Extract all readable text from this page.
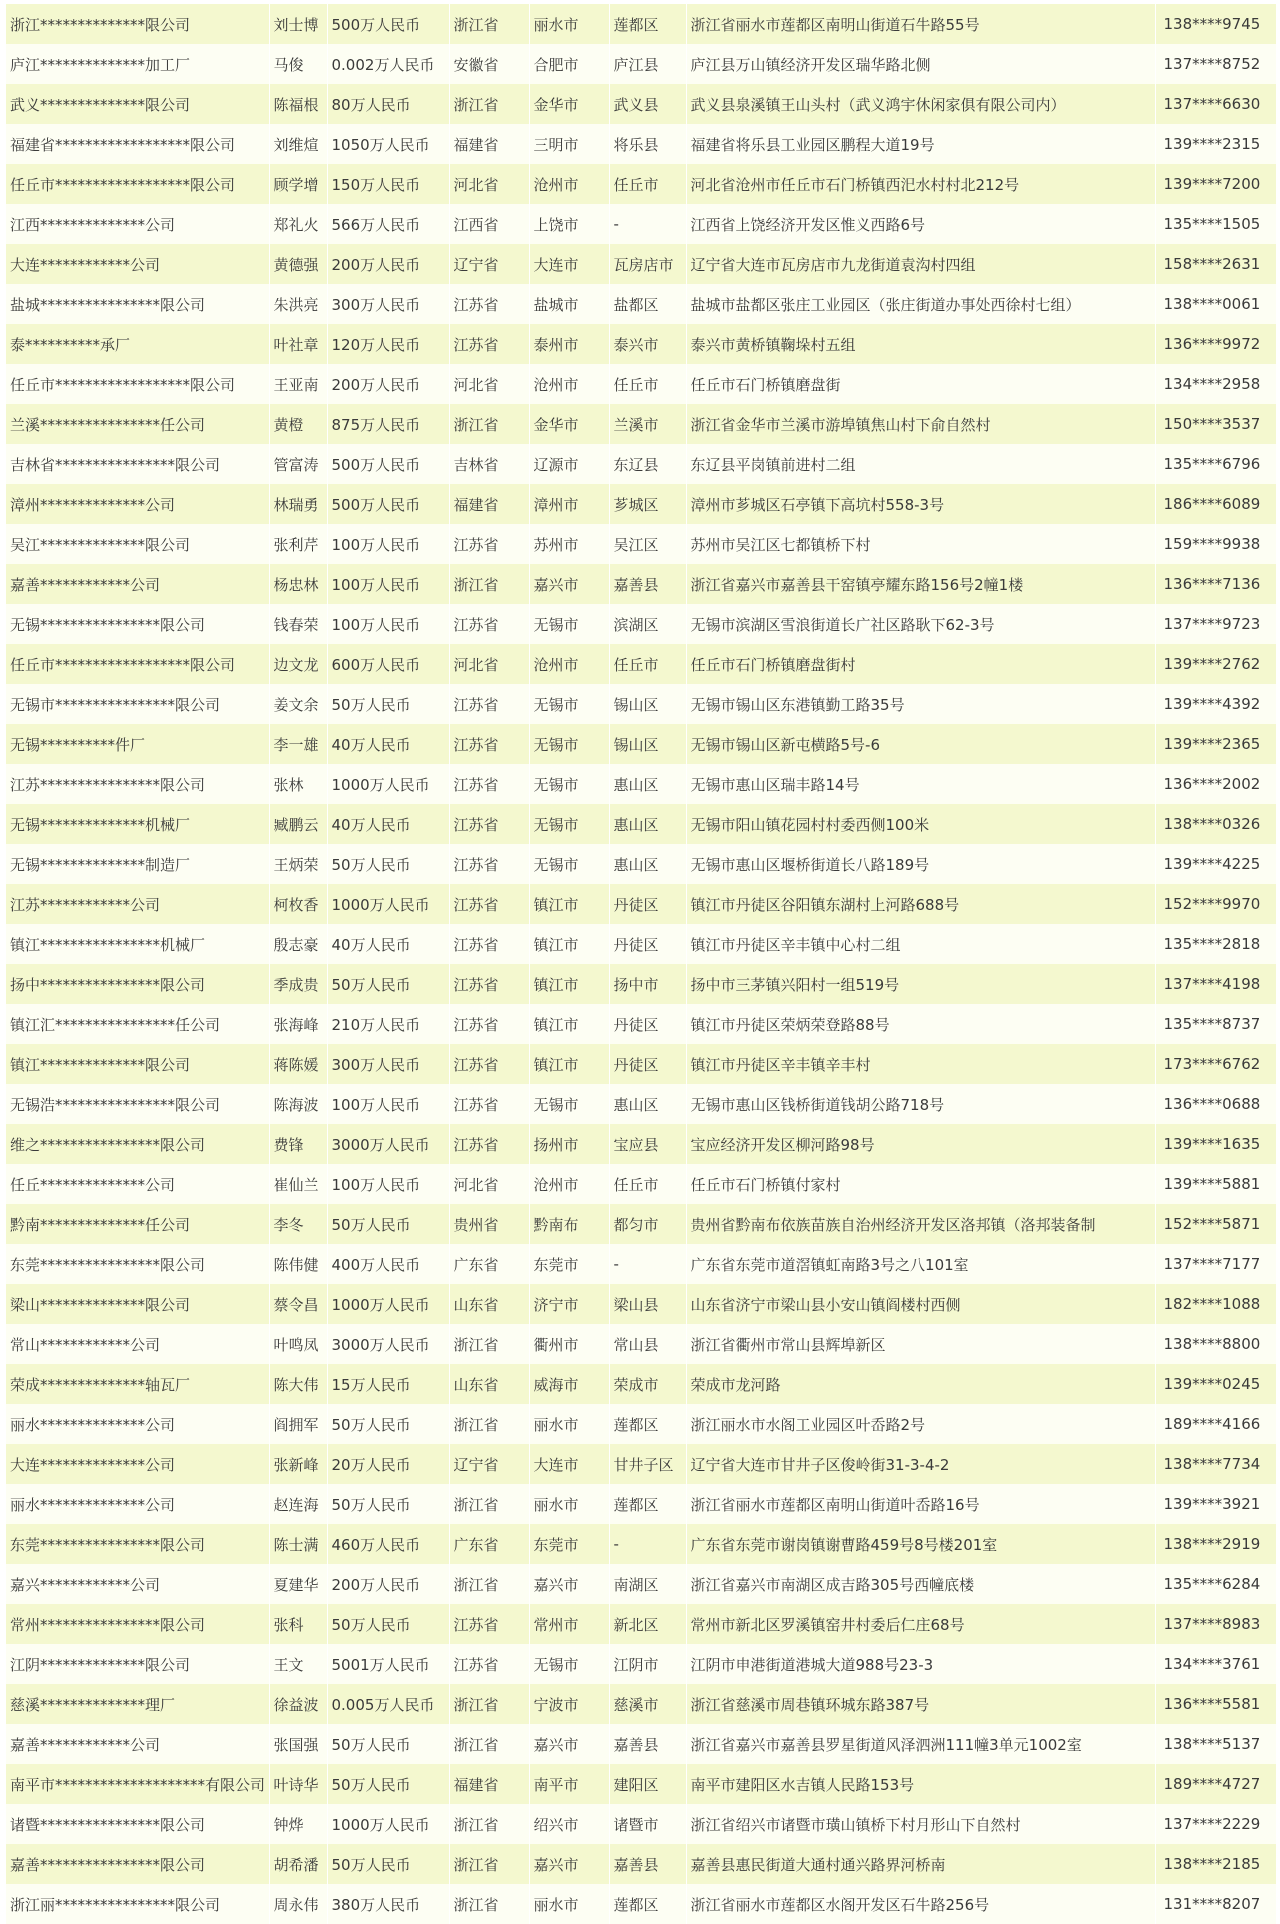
浙江**************限公司	刘士博	500万人民币	浙江省	丽水市	莲都区	浙江省丽水市莲都区南明山街道石牛路55号	138****9745
庐江**************加工厂	马俊	0.002万人民币	安徽省	合肥市	庐江县	庐江县万山镇经济开发区瑞华路北侧	137****8752
武义**************限公司	陈福根	80万人民币	浙江省	金华市	武义县	武义县泉溪镇王山头村（武义鸿宇休闲家俱有限公司内）	137****6630
福建省******************限公司	刘维煊	1050万人民币	福建省	三明市	将乐县	福建省将乐县工业园区鹏程大道19号	139****2315
任丘市******************限公司	顾学增	150万人民币	河北省	沧州市	任丘市	河北省沧州市任丘市石门桥镇西汜水村村北212号	139****7200
江西**************公司	郑礼火	566万人民币	江西省	上饶市	-	江西省上饶经济开发区惟义西路6号	135****1505
大连************公司	黄德强	200万人民币	辽宁省	大连市	瓦房店市	辽宁省大连市瓦房店市九龙街道袁沟村四组	158****2631
盐城****************限公司	朱洪亮	300万人民币	江苏省	盐城市	盐都区	盐城市盐都区张庄工业园区（张庄街道办事处西徐村七组）	138****0061
泰**********承厂	叶社章	120万人民币	江苏省	泰州市	泰兴市	泰兴市黄桥镇鞠垛村五组	136****9972
任丘市******************限公司	王亚南	200万人民币	河北省	沧州市	任丘市	任丘市石门桥镇磨盘街	134****2958
兰溪****************任公司	黄橙	875万人民币	浙江省	金华市	兰溪市	浙江省金华市兰溪市游埠镇焦山村下俞自然村	150****3537
吉林省****************限公司	管富涛	500万人民币	吉林省	辽源市	东辽县	东辽县平岗镇前进村二组	135****6796
漳州**************公司	林瑞勇	500万人民币	福建省	漳州市	芗城区	漳州市芗城区石亭镇下高坑村558-3号	186****6089
吴江**************限公司	张利芹	100万人民币	江苏省	苏州市	吴江区	苏州市吴江区七都镇桥下村	159****9938
嘉善************公司	杨忠林	100万人民币	浙江省	嘉兴市	嘉善县	浙江省嘉兴市嘉善县干窑镇亭耀东路156号2幢1楼	136****7136
无锡****************限公司	钱春荣	100万人民币	江苏省	无锡市	滨湖区	无锡市滨湖区雪浪街道长广社区路耿下62-3号	137****9723
任丘市******************限公司	边文龙	600万人民币	河北省	沧州市	任丘市	任丘市石门桥镇磨盘街村	139****2762
无锡市****************限公司	姜文余	50万人民币	江苏省	无锡市	锡山区	无锡市锡山区东港镇勤工路35号	139****4392
无锡**********件厂	李一雄	40万人民币	江苏省	无锡市	锡山区	无锡市锡山区新屯横路5号-6	139****2365
江苏****************限公司	张林	1000万人民币	江苏省	无锡市	惠山区	无锡市惠山区瑞丰路14号	136****2002
无锡**************机械厂	臧鹏云	40万人民币	江苏省	无锡市	惠山区	无锡市阳山镇花园村村委西侧100米	138****0326
无锡**************制造厂	王炳荣	50万人民币	江苏省	无锡市	惠山区	无锡市惠山区堰桥街道长八路189号	139****4225
江苏************公司	柯枚香	1000万人民币	江苏省	镇江市	丹徒区	镇江市丹徒区谷阳镇东湖村上河路688号	152****9970
镇江****************机械厂	殷志豪	40万人民币	江苏省	镇江市	丹徒区	镇江市丹徒区辛丰镇中心村二组	135****2818
扬中****************限公司	季成贵	50万人民币	江苏省	镇江市	扬中市	扬中市三茅镇兴阳村一组519号	137****4198
镇江汇****************任公司	张海峰	210万人民币	江苏省	镇江市	丹徒区	镇江市丹徒区荣炳荣登路88号	135****8737
镇江**************限公司	蒋陈媛	300万人民币	江苏省	镇江市	丹徒区	镇江市丹徒区辛丰镇辛丰村	173****6762
无锡浩****************限公司	陈海波	100万人民币	江苏省	无锡市	惠山区	无锡市惠山区钱桥街道钱胡公路718号	136****0688
维之****************限公司	费锋	3000万人民币	江苏省	扬州市	宝应县	宝应经济开发区柳河路98号	139****1635
任丘**************公司	崔仙兰	100万人民币	河北省	沧州市	任丘市	任丘市石门桥镇付家村	139****5881
黔南**************任公司	李冬	50万人民币	贵州省	黔南布	都匀市	贵州省黔南布依族苗族自治州经济开发区洛邦镇（洛邦装备制	152****5871
东莞****************限公司	陈伟健	400万人民币	广东省	东莞市	-	广东省东莞市道滘镇虹南路3号之八101室	137****7177
梁山**************限公司	蔡令昌	1000万人民币	山东省	济宁市	梁山县	山东省济宁市梁山县小安山镇阎楼村西侧	182****1088
常山************公司	叶鸣凤	3000万人民币	浙江省	衢州市	常山县	浙江省衢州市常山县辉埠新区	138****8800
荣成**************轴瓦厂	陈大伟	15万人民币	山东省	威海市	荣成市	荣成市龙河路	139****0245
丽水**************公司	阎拥军	50万人民币	浙江省	丽水市	莲都区	浙江丽水市水阁工业园区叶岙路2号	189****4166
大连**************公司	张新峰	20万人民币	辽宁省	大连市	甘井子区	辽宁省大连市甘井子区俊岭街31-3-4-2	138****7734
丽水**************公司	赵连海	50万人民币	浙江省	丽水市	莲都区	浙江省丽水市莲都区南明山街道叶岙路16号	139****3921
东莞****************限公司	陈士满	460万人民币	广东省	东莞市	-	广东省东莞市谢岗镇谢曹路459号8号楼201室	138****2919
嘉兴************公司	夏建华	200万人民币	浙江省	嘉兴市	南湖区	浙江省嘉兴市南湖区成吉路305号西幢底楼	135****6284
常州****************限公司	张科	50万人民币	江苏省	常州市	新北区	常州市新北区罗溪镇窑井村委后仁庄68号	137****8983
江阴**************限公司	王文	5001万人民币	江苏省	无锡市	江阴市	江阴市申港街道港城大道988号23-3	134****3761
慈溪**************理厂	徐益波	0.005万人民币	浙江省	宁波市	慈溪市	浙江省慈溪市周巷镇环城东路387号	136****5581
嘉善************公司	张国强	50万人民币	浙江省	嘉兴市	嘉善县	浙江省嘉兴市嘉善县罗星街道风泽泗洲111幢3单元1002室	138****5137
南平市********************有限公司	叶诗华	50万人民币	福建省	南平市	建阳区	南平市建阳区水吉镇人民路153号	189****4727
诸暨****************限公司	钟烨	1000万人民币	浙江省	绍兴市	诸暨市	浙江省绍兴市诸暨市璜山镇桥下村月形山下自然村	137****2229
嘉善****************限公司	胡希潘	50万人民币	浙江省	嘉兴市	嘉善县	嘉善县惠民街道大通村通兴路界河桥南	138****2185
浙江丽****************限公司	周永伟	380万人民币	浙江省	丽水市	莲都区	浙江省丽水市莲都区水阁开发区石牛路256号	131****8207
